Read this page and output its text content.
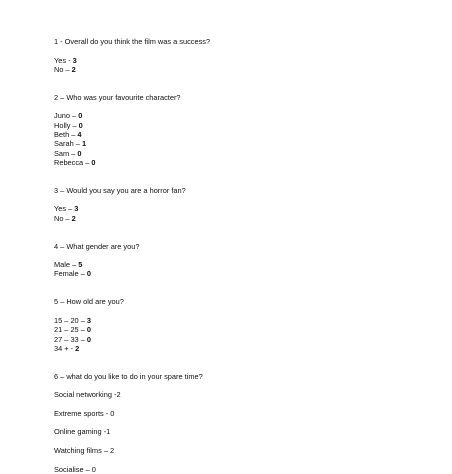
1 - Overall do you think the film was a success?
Yes - 3
No – 2
2 – Who was your favourite character?
Juno – 0
Holly – 0
Beth – 4
Sarah – 1
Sam – 0
Rebecca – 0
3 – Would you say you are a horror fan?
Yes – 3
No – 2
4 – What gender are you?
Male – 5
Female – 0
5 – How old are you?
15 – 20 – 3
21 – 25 – 0
27 – 33 – 0
34 + - 2
6 – what do you like to do in your spare time?
Social networking -2
Extreme sports - 0
Online gaming -1
Watching films – 2
Socialise – 0
